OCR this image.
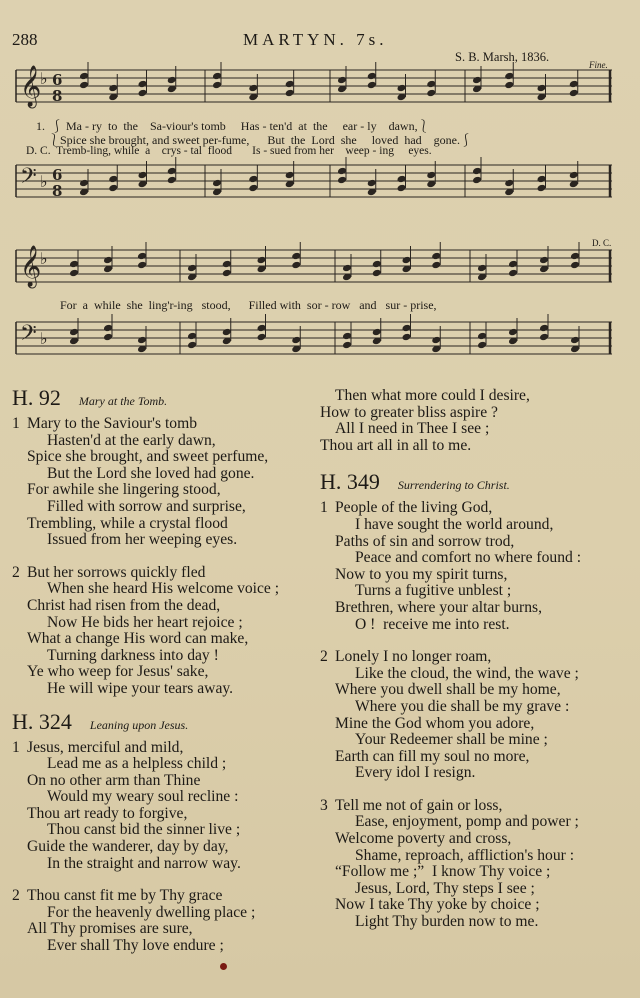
288	MARTYN. 7s.
S. B. Marsh, 1836.
Fine.
D. C.
𝄞
♭ 6
8
𝄢 ♭ 6
8
𝄞
♭
𝄢 ♭
1.  ⎰ Ma - ry  to  the    Sa-viour's tomb     Has - ten'd  at  the     ear - ly    dawn,⎱
⎱Spice she brought, and sweet per-fume,      But  the  Lord  she     loved  had    gone.⎰
D. C.  Tremb-ling, while  a    crys - tal  flood       Is - sued from her    weep - ing     eyes.
For  a  while  she  ling'r-ing   stood,      Filled with  sor - row   and   sur - prise,
H. 92 Mary at the Tomb.
1 Mary to the Saviour's tomb
Hasten'd at the early dawn,
Spice she brought, and sweet perfume,
But the Lord she loved had gone.
For awhile she lingering stood,
Filled with sorrow and surprise,
Trembling, while a crystal flood
Issued from her weeping eyes.
2 But her sorrows quickly fled
When she heard His welcome voice ;
Christ had risen from the dead,
Now He bids her heart rejoice ;
What a change His word can make,
Turning darkness into day !
Ye who weep for Jesus' sake,
He will wipe your tears away.
H. 324 Leaning upon Jesus.
1 Jesus, merciful and mild,
Lead me as a helpless child ;
On no other arm than Thine
Would my weary soul recline :
Thou art ready to forgive,
Thou canst bid the sinner live ;
Guide the wanderer, day by day,
In the straight and narrow way.
2 Thou canst fit me by Thy grace
For the heavenly dwelling place ;
All Thy promises are sure,
Ever shall Thy love endure ;
Then what more could I desire,
How to greater bliss aspire ?
All I need in Thee I see ;
Thou art all in all to me.
H. 349 Surrendering to Christ.
1 People of the living God,
I have sought the world around,
Paths of sin and sorrow trod,
Peace and comfort no where found :
Now to you my spirit turns,
Turns a fugitive unblest ;
Brethren, where your altar burns,
O !  receive me into rest.
2 Lonely I no longer roam,
Like the cloud, the wind, the wave ;
Where you dwell shall be my home,
Where you die shall be my grave :
Mine the God whom you adore,
Your Redeemer shall be mine ;
Earth can fill my soul no more,
Every idol I resign.
3 Tell me not of gain or loss,
Ease, enjoyment, pomp and power ;
Welcome poverty and cross,
Shame, reproach, affliction's hour :
“Follow me ;”  I know Thy voice ;
Jesus, Lord, Thy steps I see ;
Now I take Thy yoke by choice ;
Light Thy burden now to me.
